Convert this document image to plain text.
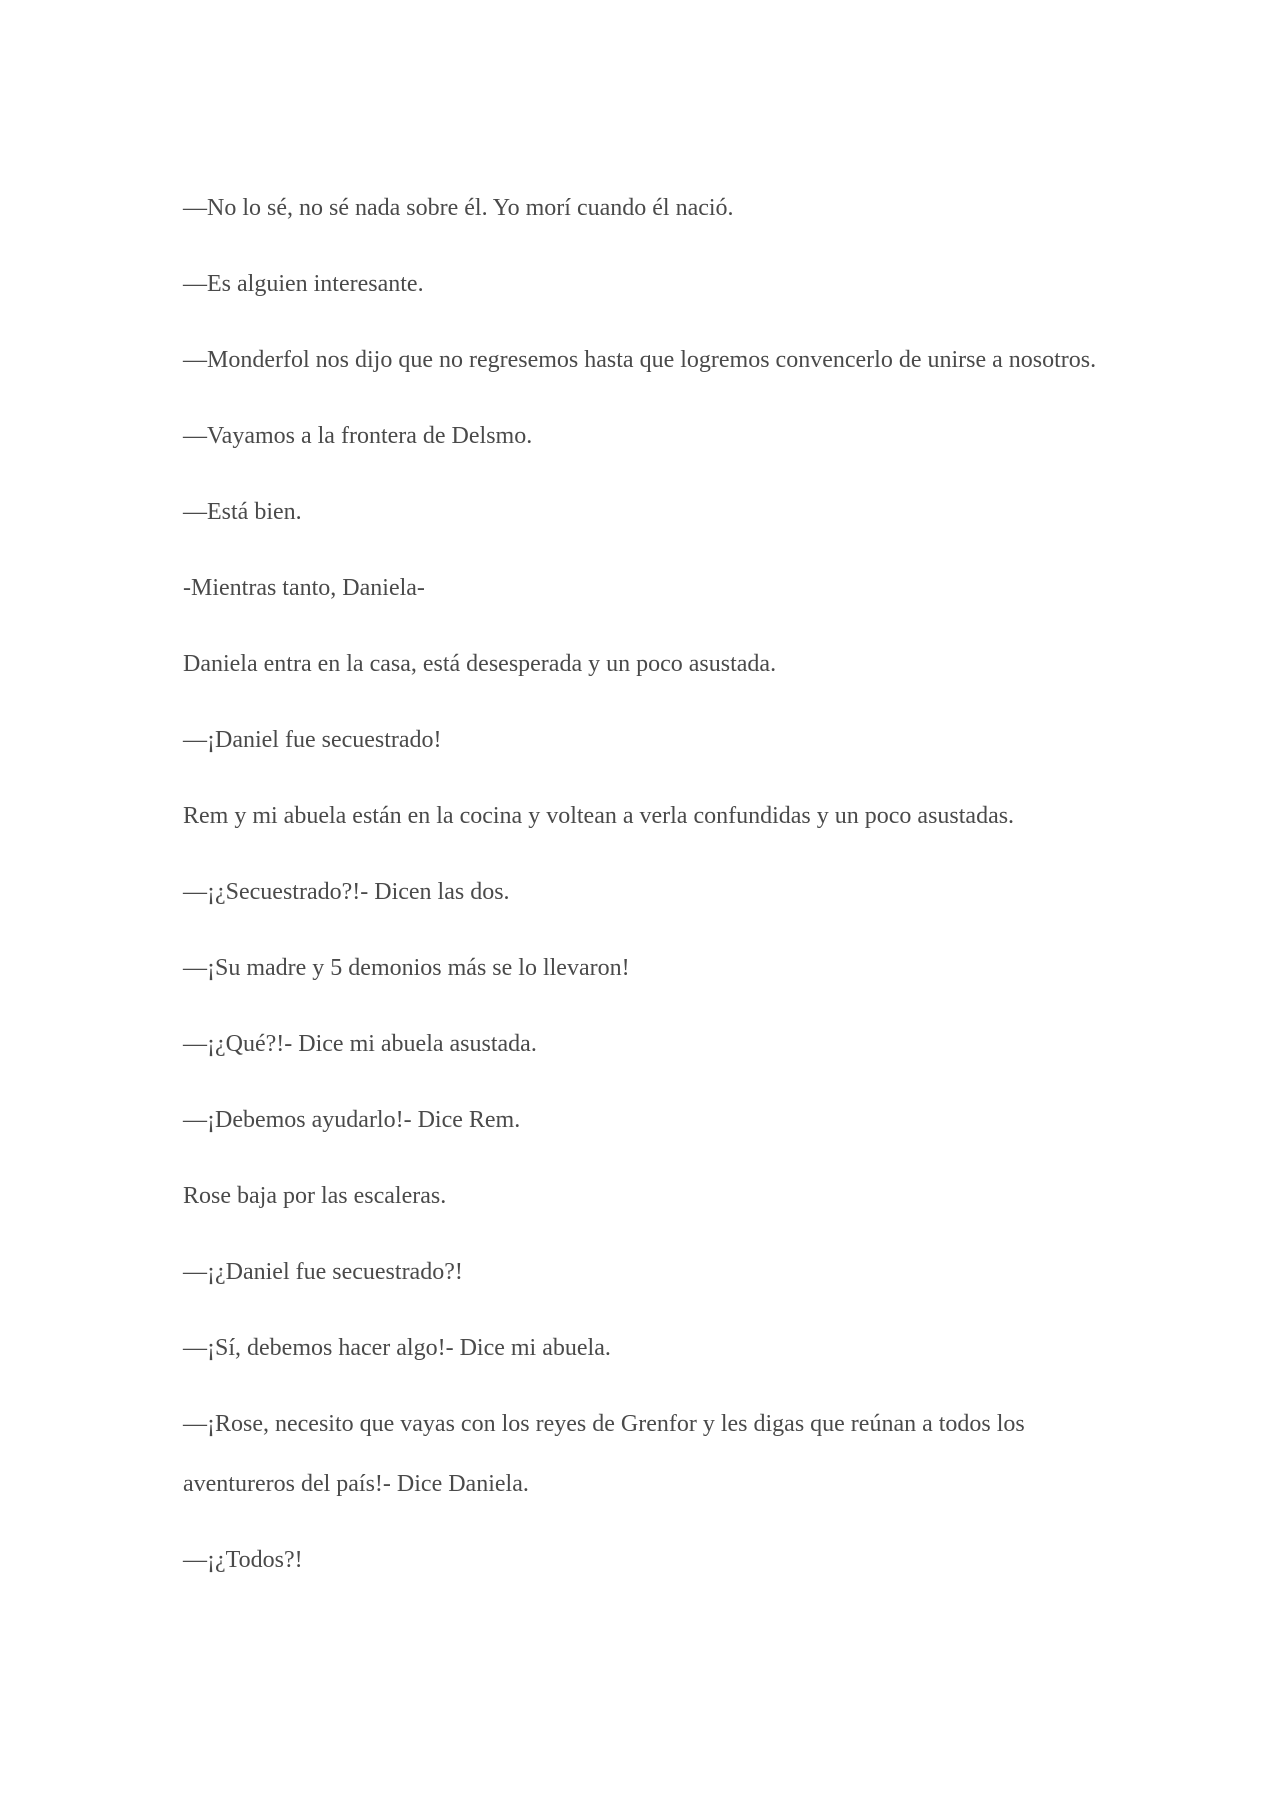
—No lo sé, no sé nada sobre él. Yo morí cuando él nació.

—Es alguien interesante.

—Monderfol nos dijo que no regresemos hasta que logremos convencerlo de unirse a nosotros.

—Vayamos a la frontera de Delsmo.

—Está bien.

-Mientras tanto, Daniela-

Daniela entra en la casa, está desesperada y un poco asustada.

—¡Daniel fue secuestrado!

Rem y mi abuela están en la cocina y voltean a verla confundidas y un poco asustadas.

—¡¿Secuestrado?!- Dicen las dos.

—¡Su madre y 5 demonios más se lo llevaron!

—¡¿Qué?!- Dice mi abuela asustada.

—¡Debemos ayudarlo!- Dice Rem.

Rose baja por las escaleras.

—¡¿Daniel fue secuestrado?!

—¡Sí, debemos hacer algo!- Dice mi abuela.

—¡Rose, necesito que vayas con los reyes de Grenfor y les digas que reúnan a todos los aventureros del país!- Dice Daniela.

—¡¿Todos?!
